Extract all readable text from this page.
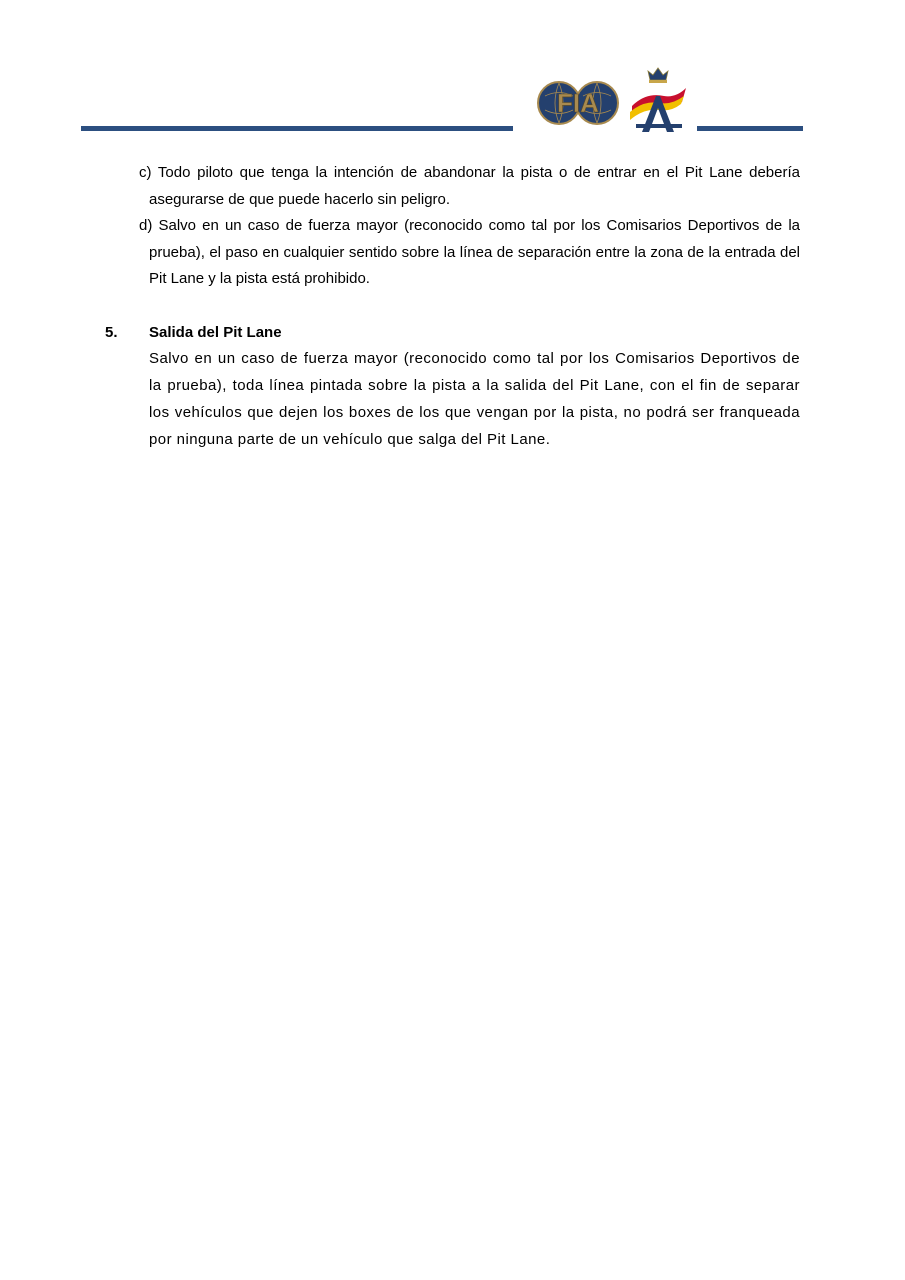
FIA

c) Todo piloto que tenga la intención de abandonar la pista o de entrar en el Pit Lane debería asegurarse de que puede hacerlo sin peligro.

d) Salvo en un caso de fuerza mayor (reconocido como tal por los Comisarios Deportivos de la prueba), el paso en cualquier sentido sobre la línea de separación entre la zona de la entrada del Pit Lane y la pista está prohibido.

5. Salida del Pit Lane

Salvo en un caso de fuerza mayor (reconocido como tal por los Comisarios Deportivos de la prueba), toda línea pintada sobre la pista a la salida del Pit Lane, con el fin de separar los vehículos que dejen los boxes de los que vengan por la pista, no podrá ser franqueada por ninguna parte de un vehículo que salga del Pit Lane.
